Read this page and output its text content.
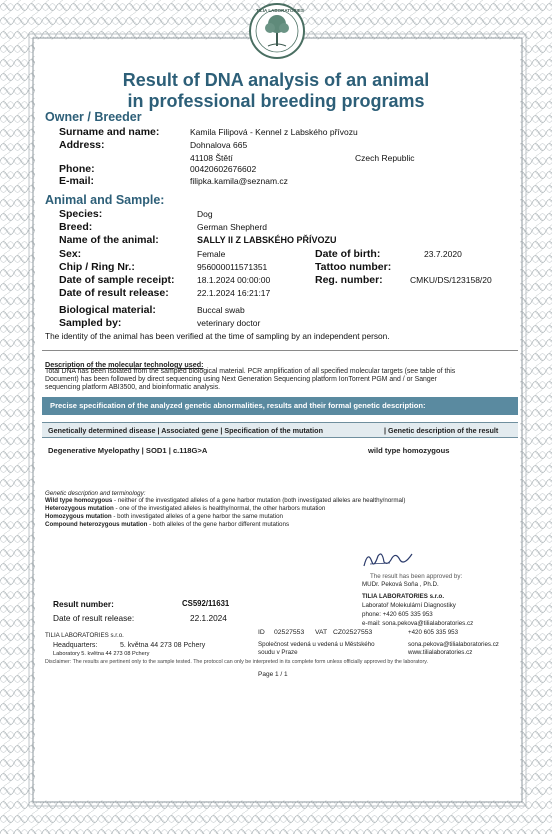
TILIA LABORATORIES
Result of DNA analysis of an animal
in professional breeding programs
Owner / Breeder
Surname and name:	Kamila Filipová - Kennel z Labského přívozu
Address:	Dohnalova 665
41108 Štětí	Czech Republic
Phone:	00420602676602
E-mail:	filipka.kamila@seznam.cz
Animal and Sample:
Species:	Dog
Breed:	German Shepherd
Name of the animal:	SALLY II Z LABSKÉHO PŘÍVOZU
Sex:	Female	Date of birth:	23.7.2020
Chip / Ring Nr.:	956000011571351	Tattoo number:
Date of sample receipt:	18.1.2024 00:00:00	Reg. number:	CMKU/DS/123158/20
Date of result release:	22.1.2024 16:21:17
Biological material:	Buccal swab
Sampled by:	veterinary doctor
The identity of the animal has been verified at the time of sampling by an independent person.
Description of the molecular technology used:
Total DNA has been isolated from the sampled biological material. PCR amplification of all specified molecular targets (see table of this
Document) has been followed by direct sequencing using Next Generation Sequencing platform IonTorrent PGM and / or Sanger
sequencing platform ABI3500, and bioinformatic analysis.
Precise specification of the analyzed genetic abnormalities, results and their formal genetic description:
Genetically determined disease | Associated gene | Specification of the mutation	| Genetic description of the result
Degenerative Myelopathy | SOD1 | c.118G>A	wild type homozygous
Genetic description and terminology:
Wild type homozygous - neither of the investigated alleles of a gene harbor mutation (both investigated alleles are healthy/normal)
Heterozygous mutation - one of the investigated alleles is healthy/normal, the other harbors mutation
Homozygous mutation - both investigated alleles of a gene harbor the same mutation
Compound heterozygous mutation - both alleles of the gene harbor different mutations
The result has been approved by:
MUDr. Peková Soňa , Ph.D.
TILIA LABORATORIES s.r.o.
Laboratoř Molekulární Diagnostiky
phone: +420 605 335 953
e-mail: sona.pekova@tilialaboratories.cz
Result number:	CS592/11631
Date of result release:	22.1.2024
TILIA LABORATORIES s.r.o.
Headquarters:	5. května 44 273 08 Pchery
Laboratory 5. května 44 273 08 Pchery
ID 02527553 VAT CZ02527553
Společnost vedená u vedená u Městského
soudu v Praze
+420 605 335 953
sona.pekova@tilialaboratories.cz
www.tilialaboratories.cz
Disclaimer: The results are pertinent only to the sample tested. The protocol can only be interpreted in its complete form unless officially approved by the laboratory.
Page 1 / 1
